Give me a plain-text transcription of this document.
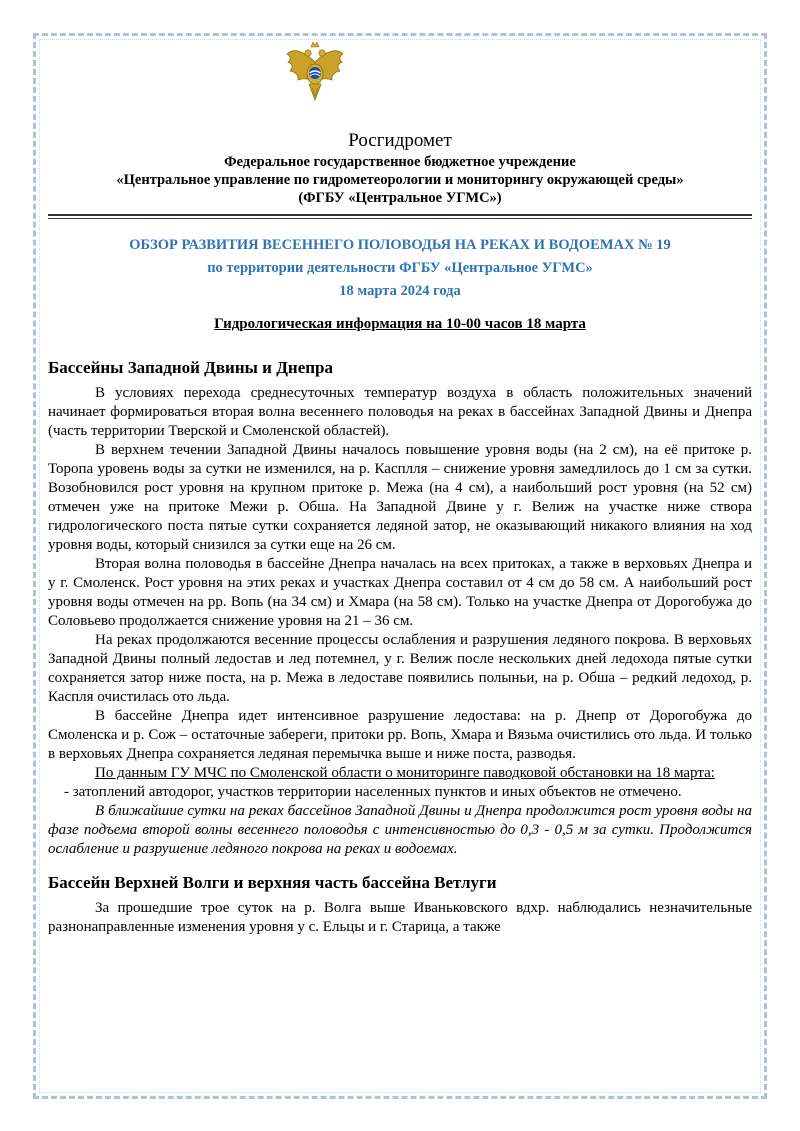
Росгидромет
Федеральное государственное бюджетное учреждение
«Центральное управление по гидрометеорологии и мониторингу окружающей среды»
(ФГБУ «Центральное УГМС»)
ОБЗОР РАЗВИТИЯ ВЕСЕННЕГО ПОЛОВОДЬЯ НА РЕКАХ И ВОДОЕМАХ № 19
по территории деятельности ФГБУ «Центральное УГМС»
18 марта 2024 года
Гидрологическая информация на 10-00 часов 18 марта
Бассейны Западной Двины и Днепра

В условиях перехода среднесуточных температур воздуха в область положительных значений начинает формироваться вторая волна весеннего половодья на реках в бассейнах Западной Двины и Днепра (часть территории Тверской и Смоленской областей).

В верхнем течении Западной Двины началось повышение уровня воды (на 2 см), на её притоке р. Торопа уровень воды за сутки не изменился, на р. Касплля – снижение уровня замедлилось до 1 см за сутки. Возобновился рост уровня на крупном притоке р. Межа (на 4 см), а наибольший рост уровня (на 52 см) отмечен уже на притоке Межи р. Обша. На Западной Двине у г. Велиж на участке ниже створа гидрологического поста пятые сутки сохраняется ледяной затор, не оказывающий никакого влияния на ход уровня воды, который снизился за сутки еще на 26 см.

Вторая волна половодья в бассейне Днепра началась на всех притоках, а также в верховьях Днепра и у г. Смоленск. Рост уровня на этих реках и участках Днепра составил от 4 см до 58 см. А наибольший рост уровня воды отмечен на рр. Вопь (на 34 см) и Хмара (на 58 см). Только на участке Днепра от Дорогобужа до Соловьево продолжается снижение уровня на 21 – 36 см.

На реках продолжаются весенние процессы ослабления и разрушения ледяного покрова. В верховьях Западной Двины полный ледостав и лед потемнел, у г. Велиж после нескольких дней ледохода пятые сутки сохраняется затор ниже поста, на р. Межа в ледоставе появились полыньи, на р. Обша – редкий ледоход, р. Каспля очистилась ото льда.

В бассейне Днепра идет интенсивное разрушение ледостава: на р. Днепр от Дорогобужа до Смоленска и р. Сож – остаточные забереги, притоки рр. Вопь, Хмара и Вязьма очистились ото льда. И только в верховьях Днепра сохраняется ледяная перемычка выше и ниже поста, разводья.

По данным ГУ МЧС по Смоленской области о мониторинге паводковой обстановки на 18 марта:

- затоплений автодорог, участков территории населенных пунктов и иных объектов не отмечено.

В ближайшие сутки на реках бассейнов Западной Двины и Днепра продолжится рост уровня воды на фазе подъема второй волны весеннего половодья с интенсивностью до 0,3 - 0,5 м за сутки. Продолжится ослабление и разрушение ледяного покрова на реках и водоемах.

Бассейн Верхней Волги и верхняя часть бассейна Ветлуги

За прошедшие трое суток на р. Волга выше Иваньковского вдхр. наблюдались незначительные разнонаправленные изменения уровня у с. Ельцы и г. Старица, а также
